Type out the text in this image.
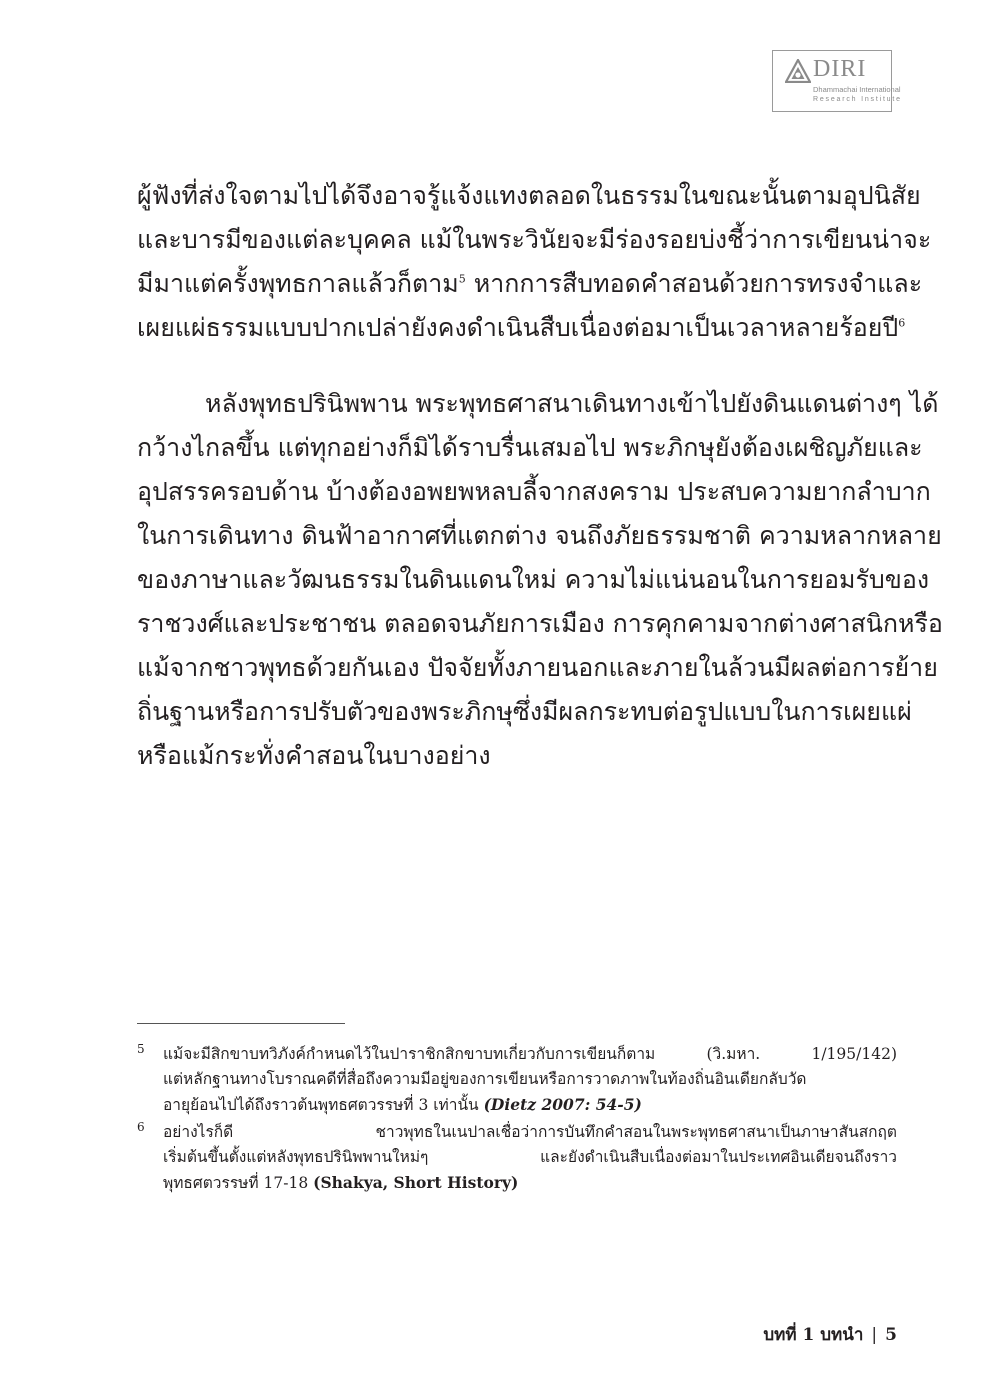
DIRI
Dhammachai International
Research Institute
ผู้ฟังที่ส่งใจตามไปได้จึงอาจรู้แจ้งแทงตลอดในธรรมในขณะนั้นตามอุปนิสัย
และบารมีของแต่ละบุคคล แม้ในพระวินัยจะมีร่องรอยบ่งชี้ว่าการเขียนน่าจะ
มีมาแต่ครั้งพุทธกาลแล้วก็ตาม$^5$ หากการสืบทอดคำสอนด้วยการทรงจำและ
เผยแผ่ธรรมแบบปากเปล่ายังคงดำเนินสืบเนื่องต่อมาเป็นเวลาหลายร้อยปี$^6$
หลังพุทธปรินิพพาน พระพุทธศาสนาเดินทางเข้าไปยังดินแดนต่างๆ ได้
กว้างไกลขึ้น แต่ทุกอย่างก็มิได้ราบรื่นเสมอไป พระภิกษุยังต้องเผชิญภัยและ
อุปสรรครอบด้าน บ้างต้องอพยพหลบลี้จากสงคราม ประสบความยากลำบาก
ในการเดินทาง ดินฟ้าอากาศที่แตกต่าง จนถึงภัยธรรมชาติ ความหลากหลาย
ของภาษาและวัฒนธรรมในดินแดนใหม่ ความไม่แน่นอนในการยอมรับของ
ราชวงศ์และประชาชน ตลอดจนภัยการเมือง การคุกคามจากต่างศาสนิกหรือ
แม้จากชาวพุทธด้วยกันเอง ปัจจัยทั้งภายนอกและภายในล้วนมีผลต่อการย้าย
ถิ่นฐานหรือการปรับตัวของพระภิกษุซึ่งมีผลกระทบต่อรูปแบบในการเผยแผ่
หรือแม้กระทั่งคำสอนในบางอย่าง
5 แม้จะมีสิกขาบทวิภังค์กำหนดไว้ในปาราชิกสิกขาบทเกี่ยวกับการเขียนก็ตาม (วิ.มหา. 1/195/142)
แต่หลักฐานทางโบราณคดีที่สื่อถึงความมีอยู่ของการเขียนหรือการวาดภาพในท้องถิ่นอินเดียกลับวัด
อายุย้อนไปได้ถึงราวต้นพุทธศตวรรษที่ 3 เท่านั้น (Dietz 2007: 54-5)
6 อย่างไรก็ดี ชาวพุทธในเนปาลเชื่อว่าการบันทึกคำสอนในพระพุทธศาสนาเป็นภาษาสันสกฤต
เริ่มต้นขึ้นตั้งแต่หลังพุทธปรินิพพานใหม่ๆ และยังดำเนินสืบเนื่องต่อมาในประเทศอินเดียจนถึงราว
พุทธศตวรรษที่ 17-18 (Shakya, Short History)
บทที่ 1 บทนำ | 5
